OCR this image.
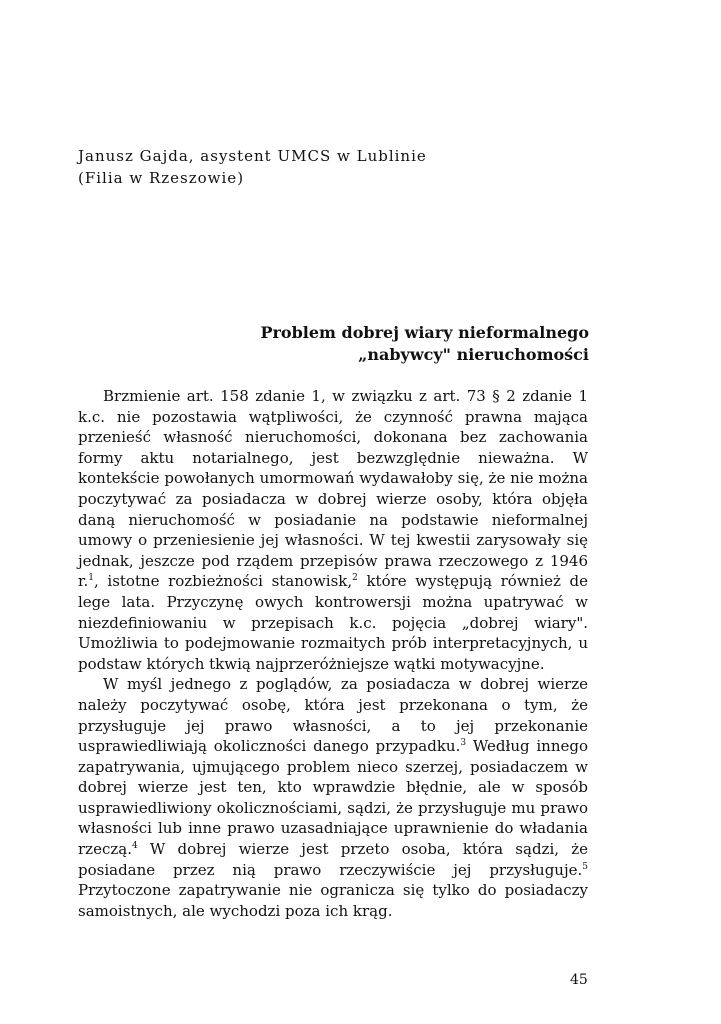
Janusz Gajda, asystent UMCS w Lublinie
(Filia w Rzeszowie)
Problem dobrej wiary nieformalnego
„nabywcy" nieruchomości

Brzmienie art. 158 zdanie 1, w związku z art. 73 § 2 zdanie 1 k.c. nie pozostawia wątpliwości, że czynność prawna mająca przenieść własność nieruchomości, dokonana bez zachowania formy aktu notarialnego, jest bezwzględnie nieważna. W kontekście powołanych umormowań wydawałoby się, że nie można poczytywać za posiadacza w dobrej wierze osoby, która objęła daną nieruchomość w posiadanie na podstawie nieformalnej umowy o przeniesienie jej własności. W tej kwestii zarysowały się jednak, jeszcze pod rządem przepisów prawa rzeczowego z 1946 r.$^1$, istotne rozbieżności stanowisk,$^2$ które występują również de lege lata. Przyczynę owych kontrowersji można upatrywać w niezdefiniowaniu w przepisach k.c. pojęcia „dobrej wiary". Umożliwia to podejmowanie rozmaitych prób interpretacyjnych, u podstaw których tkwią najprzeróżniejsze wątki motywacyjne.

W myśl jednego z poglądów, za posiadacza w dobrej wierze należy poczytywać osobę, która jest przekonana o tym, że przysługuje jej prawo własności, a to jej przekonanie usprawiedliwiają okoliczności danego przypadku.$^3$ Według innego zapatrywania, ujmującego problem nieco szerzej, posiadaczem w dobrej wierze jest ten, kto wprawdzie błędnie, ale w sposób usprawiedliwiony okolicznościami, sądzi, że przysługuje mu prawo własności lub inne prawo uzasadniające uprawnienie do władania rzeczą.$^4$ W dobrej wierze jest przeto osoba, która sądzi, że posiadane przez nią prawo rzeczywiście jej przysługuje.$^5$ Przytoczone zapatrywanie nie ogranicza się tylko do posiadaczy samoistnych, ale wychodzi poza ich krąg.

45
